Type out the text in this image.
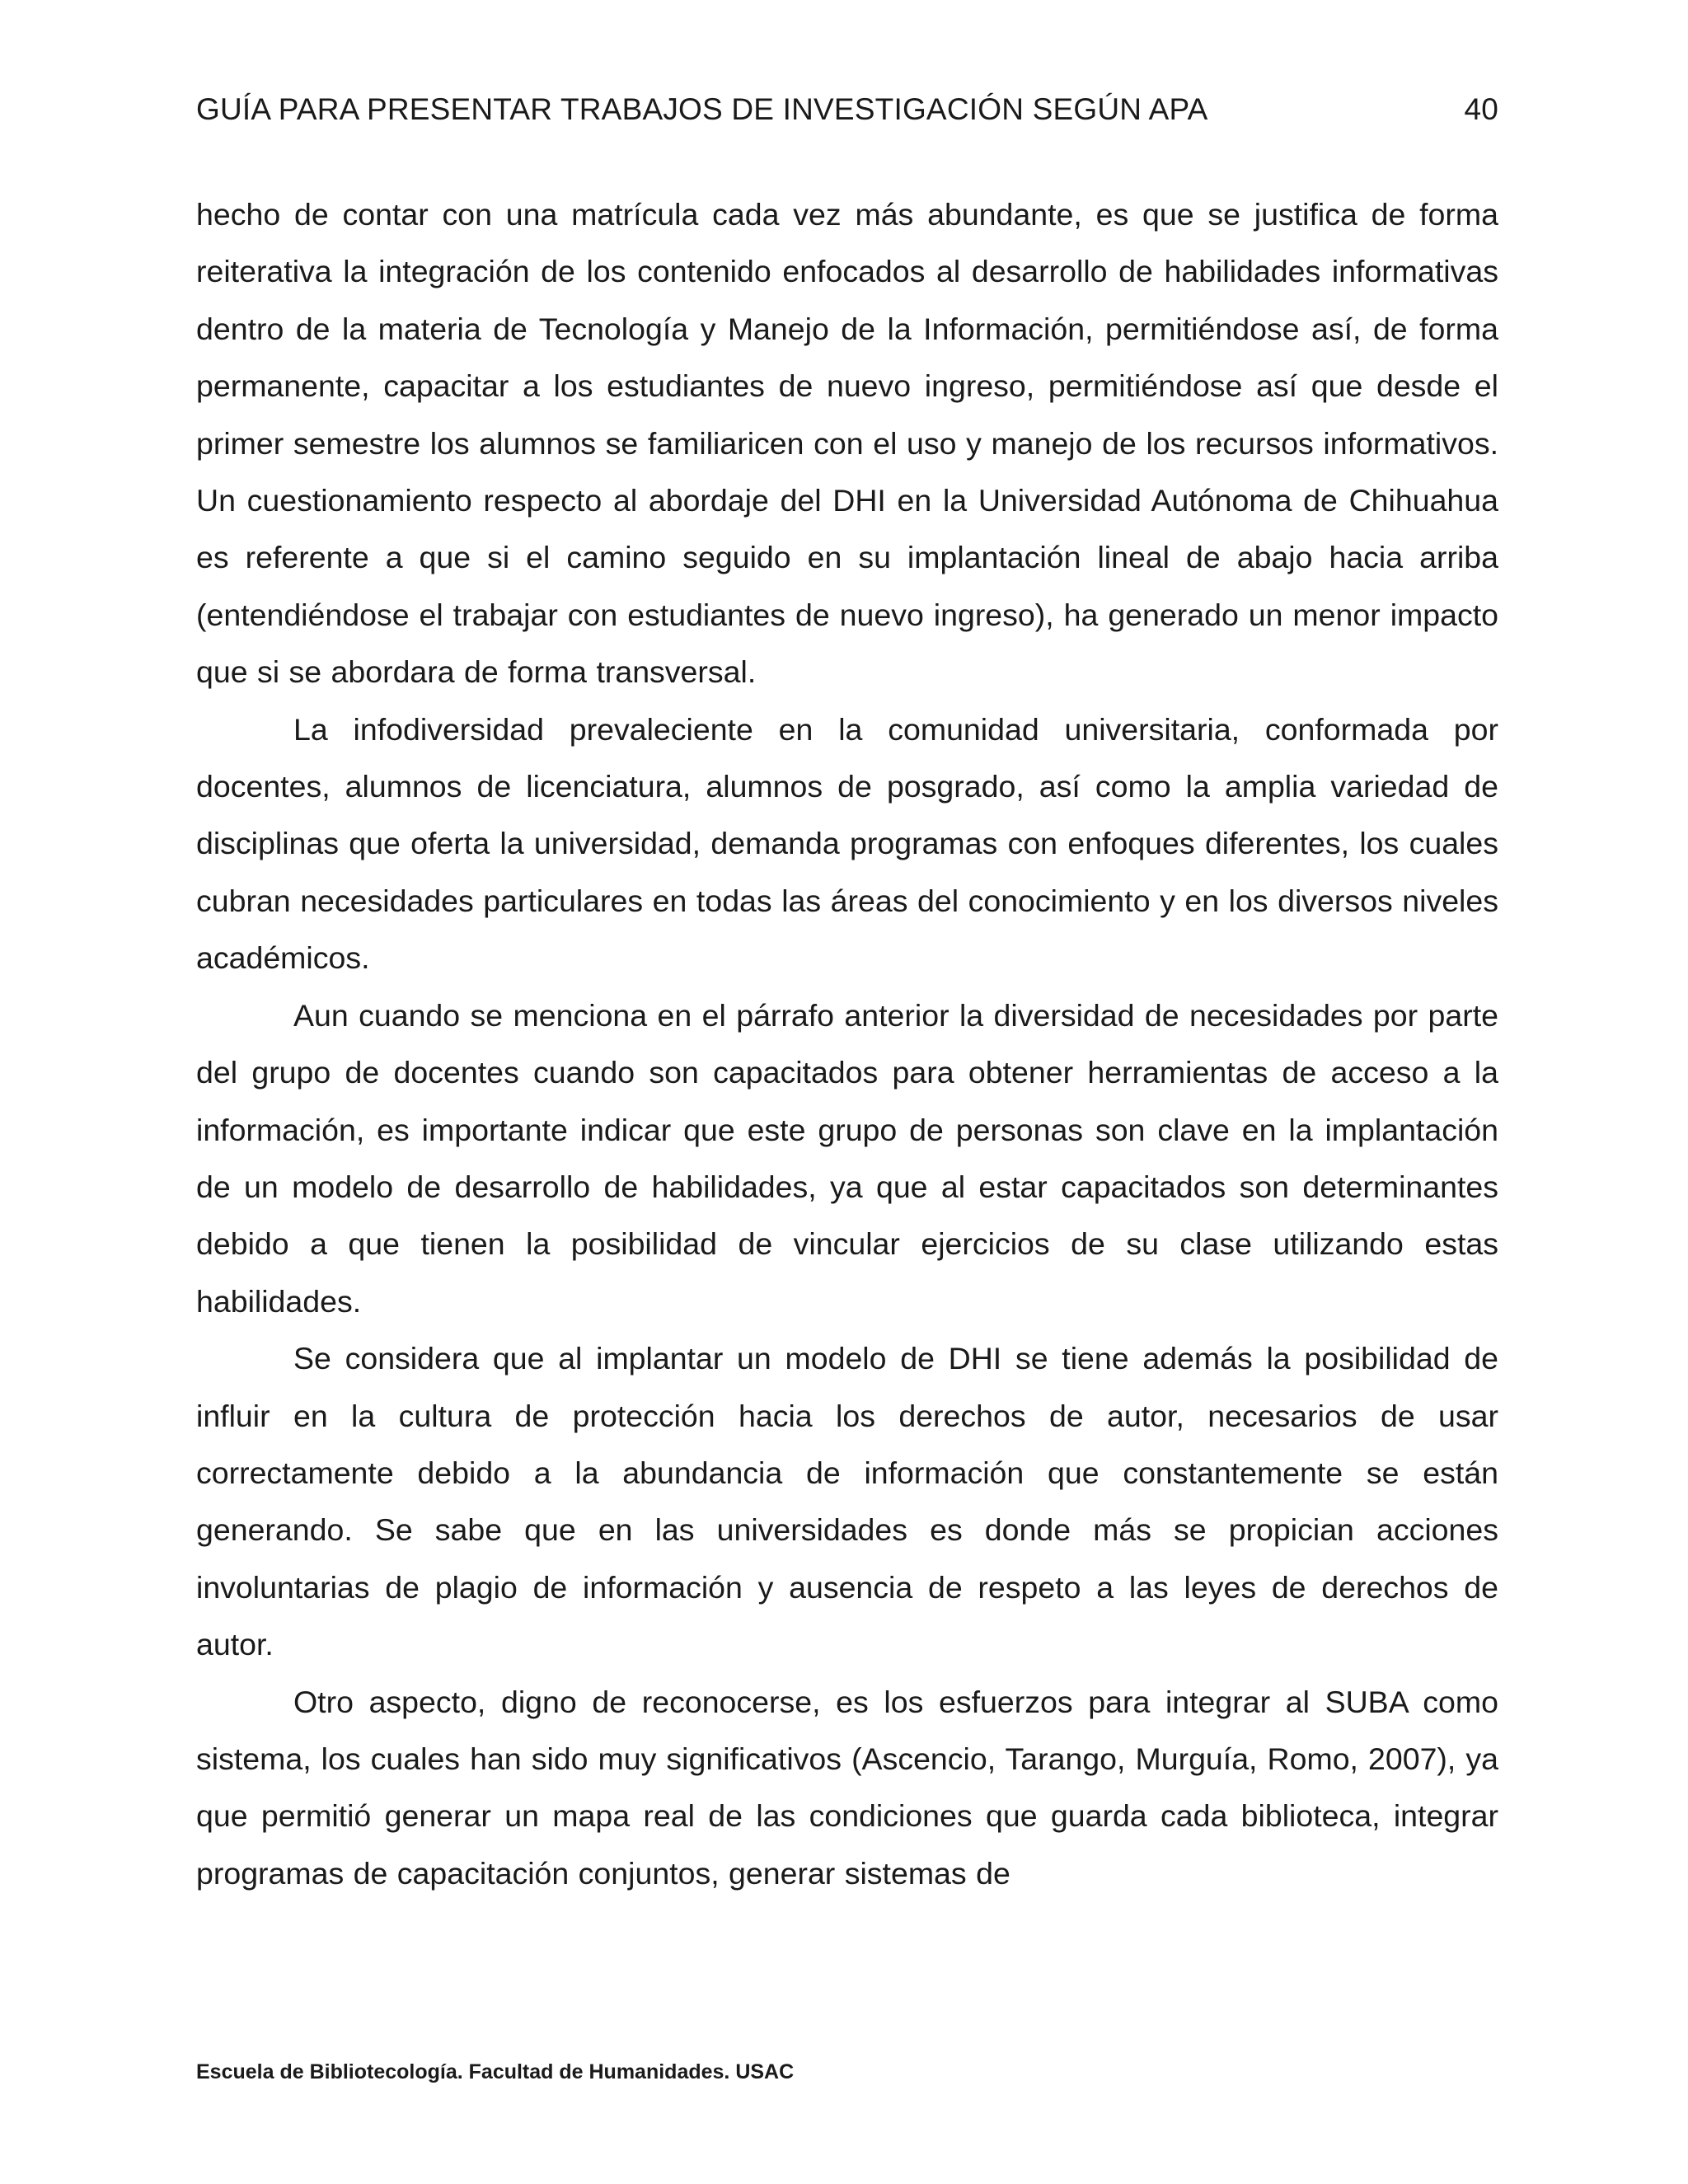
GUÍA PARA PRESENTAR TRABAJOS DE INVESTIGACIÓN SEGÚN APA	40

hecho de contar con una matrícula cada vez más abundante, es que se justifica de forma reiterativa la integración de los contenido enfocados al desarrollo de habilidades informativas dentro de la materia de Tecnología y Manejo de la Información, permitiéndose así, de forma permanente, capacitar a los estudiantes de nuevo ingreso, permitiéndose así que desde el primer semestre los alumnos se familiaricen con el uso y manejo de los recursos informativos. Un cuestionamiento respecto al abordaje del DHI en la Universidad Autónoma de Chihuahua es referente a que si el camino seguido en su implantación lineal de abajo hacia arriba (entendiéndose el trabajar con estudiantes de nuevo ingreso), ha generado un menor impacto que si se abordara de forma transversal.

La infodiversidad prevaleciente en la comunidad universitaria, conformada por docentes, alumnos de licenciatura, alumnos de posgrado, así como la amplia variedad de disciplinas que oferta la universidad, demanda programas con enfoques diferentes, los cuales cubran necesidades particulares en todas las áreas del conocimiento y en los diversos niveles académicos.

Aun cuando se menciona en el párrafo anterior la diversidad de necesidades por parte del grupo de docentes cuando son capacitados para obtener herramientas de acceso a la información, es importante indicar que este grupo de personas son clave en la implantación de un modelo de desarrollo de habilidades, ya que al estar capacitados son determinantes debido a que tienen la posibilidad de vincular ejercicios de su clase utilizando estas habilidades.

Se considera que al implantar un modelo de DHI se tiene además la posibilidad de influir en la cultura de protección hacia los derechos de autor, necesarios de usar correctamente debido a la abundancia de información que constantemente se están generando. Se sabe que en las universidades es donde más se propician acciones involuntarias de plagio de información y ausencia de respeto a las leyes de derechos de autor.

Otro aspecto, digno de reconocerse, es los esfuerzos para integrar al SUBA como sistema, los cuales han sido muy significativos (Ascencio, Tarango, Murguía, Romo, 2007), ya que permitió generar un mapa real de las condiciones que guarda cada biblioteca, integrar programas de capacitación conjuntos, generar sistemas de

Escuela de Bibliotecología. Facultad de Humanidades. USAC
